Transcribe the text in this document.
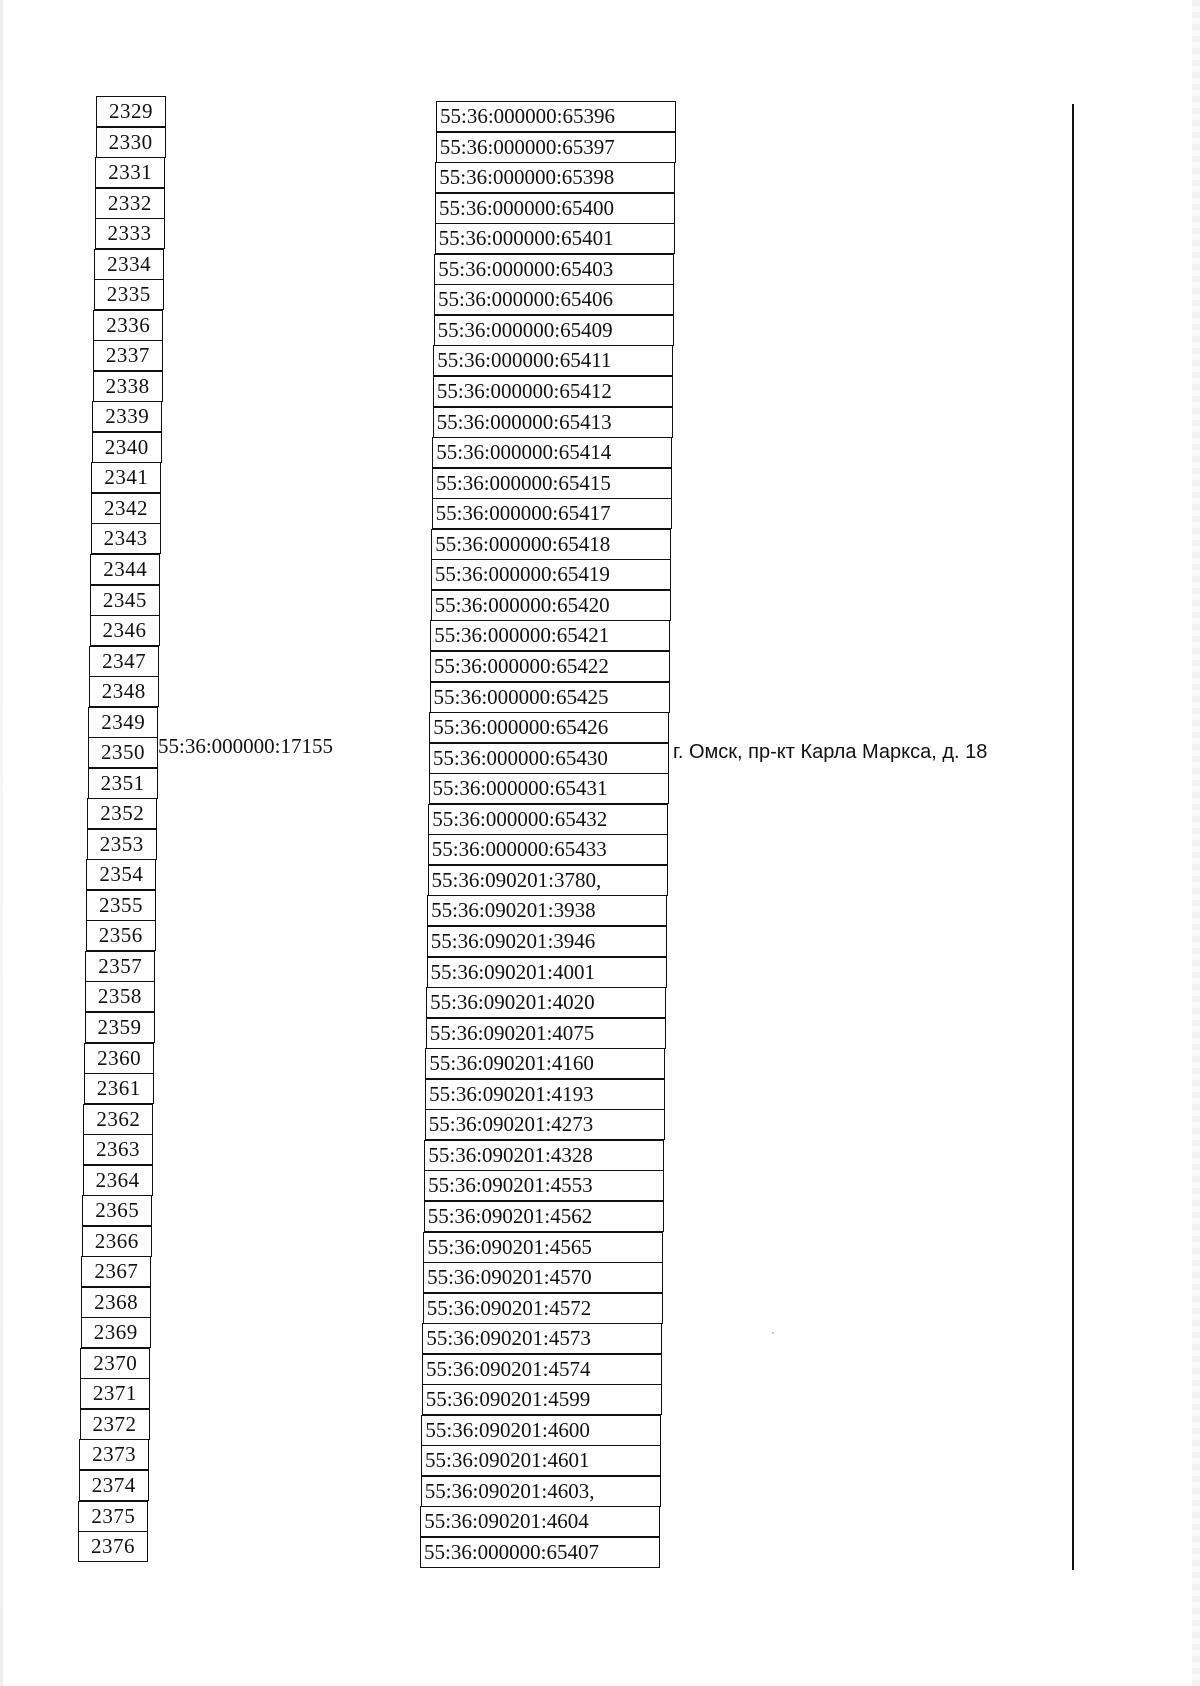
2329
2330
2331
2332
2333
2334
2335
2336
2337
2338
2339
2340
2341
2342
2343
2344
2345
2346
2347
2348
2349
2350
2351
2352
2353
2354
2355
2356
2357
2358
2359
2360
2361
2362
2363
2364
2365
2366
2367
2368
2369
2370
2371
2372
2373
2374
2375
2376
55:36:000000:65396
55:36:000000:65397
55:36:000000:65398
55:36:000000:65400
55:36:000000:65401
55:36:000000:65403
55:36:000000:65406
55:36:000000:65409
55:36:000000:65411
55:36:000000:65412
55:36:000000:65413
55:36:000000:65414
55:36:000000:65415
55:36:000000:65417
55:36:000000:65418
55:36:000000:65419
55:36:000000:65420
55:36:000000:65421
55:36:000000:65422
55:36:000000:65425
55:36:000000:65426
55:36:000000:65430
55:36:000000:65431
55:36:000000:65432
55:36:000000:65433
55:36:090201:3780,
55:36:090201:3938
55:36:090201:3946
55:36:090201:4001
55:36:090201:4020
55:36:090201:4075
55:36:090201:4160
55:36:090201:4193
55:36:090201:4273
55:36:090201:4328
55:36:090201:4553
55:36:090201:4562
55:36:090201:4565
55:36:090201:4570
55:36:090201:4572
55:36:090201:4573
55:36:090201:4574
55:36:090201:4599
55:36:090201:4600
55:36:090201:4601
55:36:090201:4603,
55:36:090201:4604
55:36:000000:65407
55:36:000000:17155	г. Омск, пр-кт Карла Маркса, д. 18
